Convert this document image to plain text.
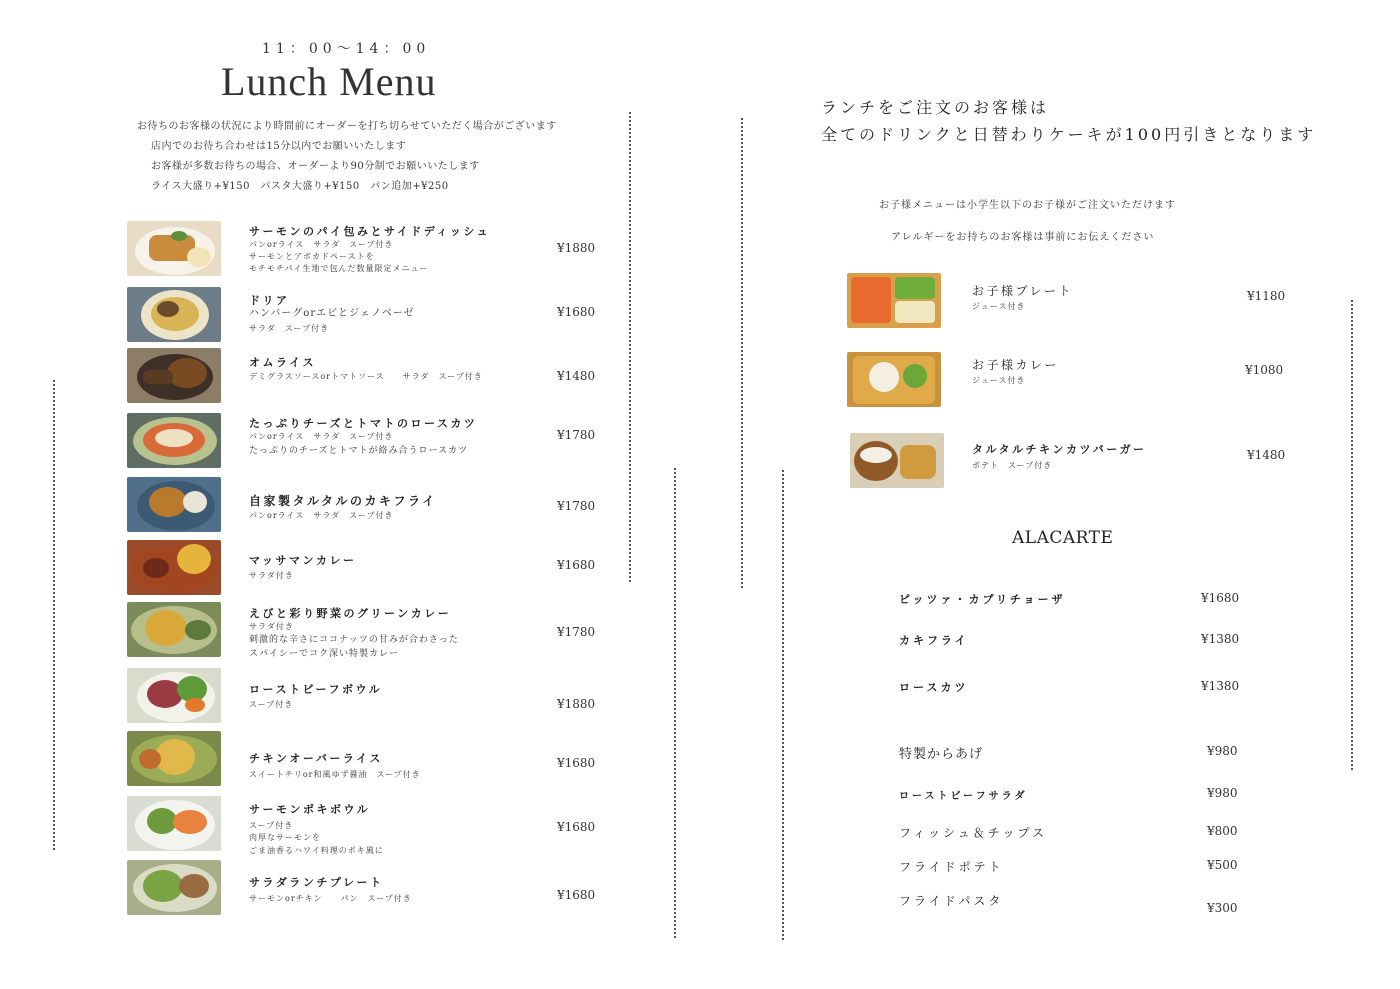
11：00～14：00
Lunch Menu
お待ちのお客様の状況により時間前にオーダーを打ち切らせていただく場合がございます
店内でのお待ち合わせは15分以内でお願いいたします
お客様が多数お待ちの場合、オーダーより90分制でお願いいたします
ライス大盛り+¥150　パスタ大盛り+¥150　パン追加+¥250
サーモンのパイ包みとサイドディッシュ
パンorライス　サラダ　スープ付き
サーモンとアボカドペーストを
モチモチパイ生地で包んだ数量限定メニュー
¥1880
ドリア
ハンバーグorエビとジェノベーゼ
サラダ　スープ付き
¥1680
オムライス
デミグラスソースorトマトソース　　サラダ　スープ付き	¥1480
たっぷりチーズとトマトのロースカツ
パンorライス　サラダ　スープ付き
たっぷりのチーズとトマトが絡み合うロースカツ
¥1780
自家製タルタルのカキフライ
パンorライス　サラダ　スープ付き
¥1780
マッサマンカレー
サラダ付き
¥1680
えびと彩り野菜のグリーンカレー
サラダ付き
刺激的な辛さにココナッツの甘みが合わさった
スパイシーでコク深い特製カレー
¥1780
ローストビーフボウル
スープ付き	¥1880
チキンオーバーライス
スイートチリor和風ゆず醤油　スープ付き
¥1680
サーモンポキボウル
スープ付き
肉厚なサーモンを
ごま油香るハワイ料理のポキ風に
¥1680
サラダランチプレート
サーモンorチキン　　パン　スープ付き	¥1680
ランチをご注文のお客様は
全てのドリンクと日替わりケーキが100円引きとなります
お子様メニューは小学生以下のお子様がご注文いただけます
アレルギーをお持ちのお客様は事前にお伝えください
お子様プレート
ジュース付き
¥1180
お子様カレー
ジュース付き
¥1080
タルタルチキンカツバーガー
ポテト　スープ付き
¥1480
ALACARTE
ピッツァ・カプリチョーザ	¥1680
カキフライ	¥1380
ロースカツ	¥1380
特製からあげ	¥980
ローストビーフサラダ	¥980
フィッシュ＆チップス	¥800
フライドポテト	¥500
フライドパスタ	¥300
